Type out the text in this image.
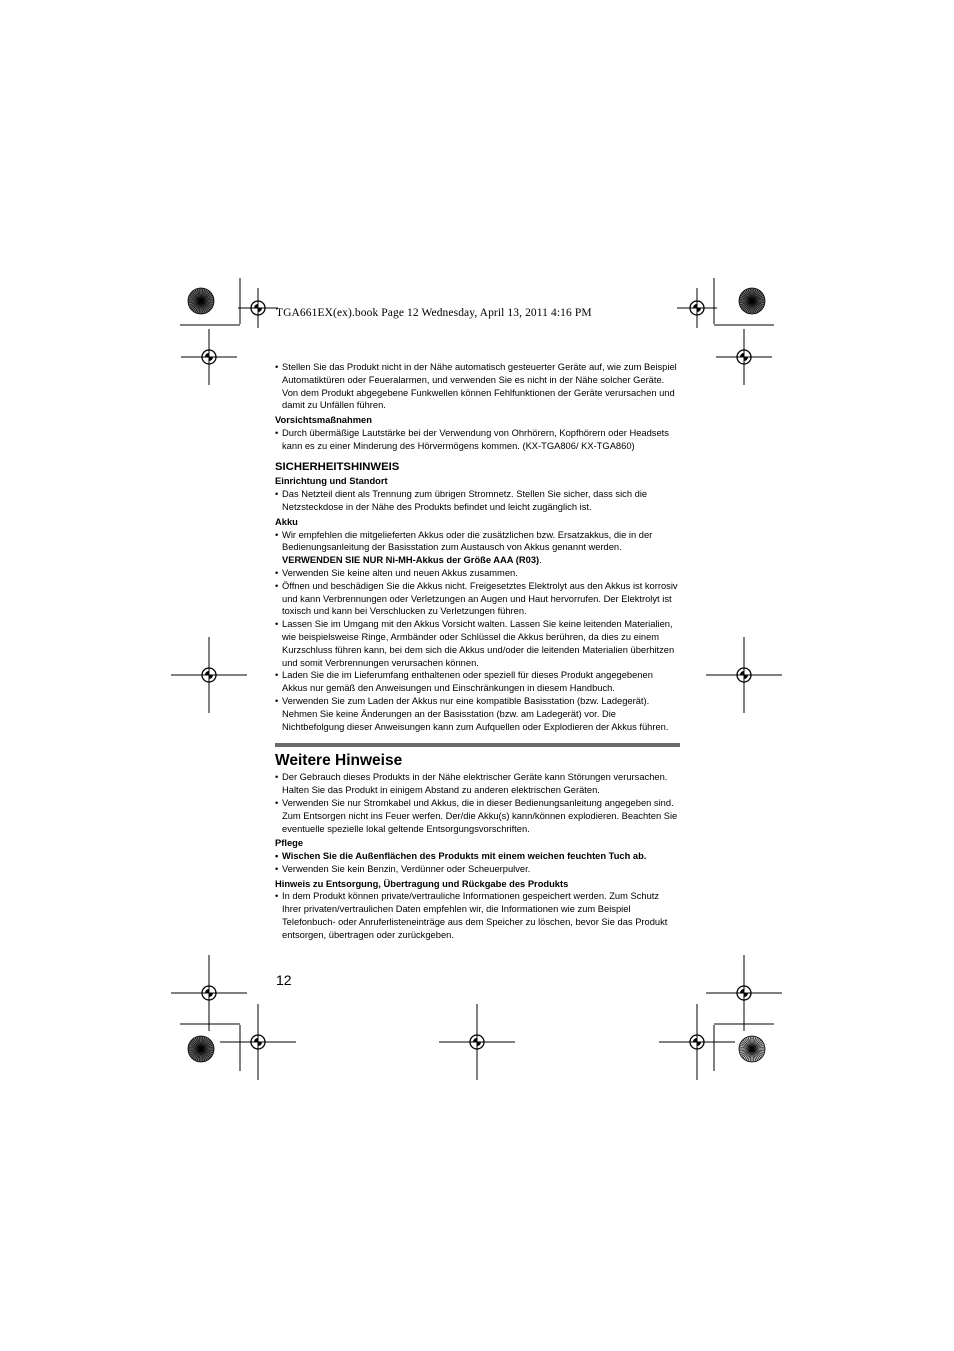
TGA661EX(ex).book Page 12 Wednesday, April 13, 2011 4:16 PM
• Stellen Sie das Produkt nicht in der Nähe automatisch gesteuerter Geräte auf, wie zum Beispiel Automatiktüren oder Feueralarmen, und verwenden Sie es nicht in der Nähe solcher Geräte. Von dem Produkt abgegebene Funkwellen können Fehlfunktionen der Geräte verursachen und damit zu Unfällen führen.
Vorsichtsmaßnahmen
• Durch übermäßige Lautstärke bei der Verwendung von Ohrhörern, Kopfhörern oder Headsets kann es zu einer Minderung des Hörvermögens kommen. (KX-TGA806/ KX-TGA860)
SICHERHEITSHINWEIS
Einrichtung und Standort
• Das Netzteil dient als Trennung zum übrigen Stromnetz. Stellen Sie sicher, dass sich die Netzsteckdose in der Nähe des Produkts befindet und leicht zugänglich ist.
Akku
• Wir empfehlen die mitgelieferten Akkus oder die zusätzlichen bzw. Ersatzakkus, die in der Bedienungsanleitung der Basisstation zum Austausch von Akkus genannt werden.
VERWENDEN SIE NUR Ni-MH-Akkus der Größe AAA (R03).
• Verwenden Sie keine alten und neuen Akkus zusammen.
• Öffnen und beschädigen Sie die Akkus nicht. Freigesetztes Elektrolyt aus den Akkus ist korrosiv und kann Verbrennungen oder Verletzungen an Augen und Haut hervorrufen. Der Elektrolyt ist toxisch und kann bei Verschlucken zu Verletzungen führen.
• Lassen Sie im Umgang mit den Akkus Vorsicht walten. Lassen Sie keine leitenden Materialien, wie beispielsweise Ringe, Armbänder oder Schlüssel die Akkus berühren, da dies zu einem Kurzschluss führen kann, bei dem sich die Akkus und/oder die leitenden Materialien überhitzen und somit Verbrennungen verursachen können.
• Laden Sie die im Lieferumfang enthaltenen oder speziell für dieses Produkt angegebenen Akkus nur gemäß den Anweisungen und Einschränkungen in diesem Handbuch.
• Verwenden Sie zum Laden der Akkus nur eine kompatible Basisstation (bzw. Ladegerät). Nehmen Sie keine Änderungen an der Basisstation (bzw. am Ladegerät) vor. Die Nichtbefolgung dieser Anweisungen kann zum Aufquellen oder Explodieren der Akkus führen.
Weitere Hinweise
• Der Gebrauch dieses Produkts in der Nähe elektrischer Geräte kann Störungen verursachen. Halten Sie das Produkt in einigem Abstand zu anderen elektrischen Geräten.
• Verwenden Sie nur Stromkabel und Akkus, die in dieser Bedienungsanleitung angegeben sind. Zum Entsorgen nicht ins Feuer werfen. Der/die Akku(s) kann/können explodieren. Beachten Sie eventuelle spezielle lokal geltende Entsorgungsvorschriften.
Pflege
• Wischen Sie die Außenflächen des Produkts mit einem weichen feuchten Tuch ab.
• Verwenden Sie kein Benzin, Verdünner oder Scheuerpulver.
Hinweis zu Entsorgung, Übertragung und Rückgabe des Produkts
• In dem Produkt können private/vertrauliche Informationen gespeichert werden. Zum Schutz Ihrer privaten/vertraulichen Daten empfehlen wir, die Informationen wie zum Beispiel Telefonbuch- oder Anruferlisteneinträge aus dem Speicher zu löschen, bevor Sie das Produkt entsorgen, übertragen oder zurückgeben.
12
